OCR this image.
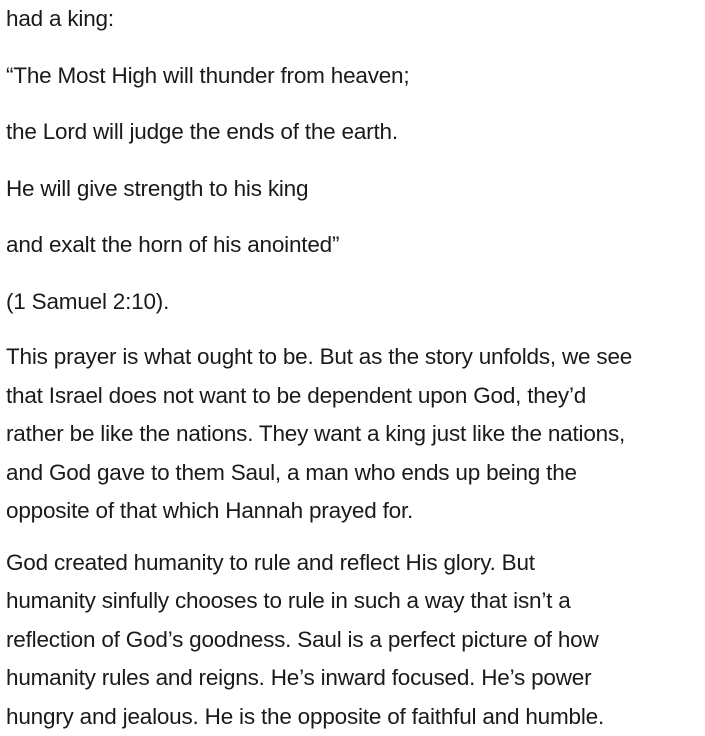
had a king:

“The Most High will thunder from heaven;

the Lord will judge the ends of the earth.

He will give strength to his king

and exalt the horn of his anointed”

(1 Samuel 2:10).

This prayer is what ought to be. But as the story unfolds, we see

that Israel does not want to be dependent upon God, they’d

rather be like the nations. They want a king just like the nations,

and God gave to them Saul, a man who ends up being the

opposite of that which Hannah prayed for.

God created humanity to rule and reflect His glory. But

humanity sinfully chooses to rule in such a way that isn’t a

reflection of God’s goodness. Saul is a perfect picture of how

humanity rules and reigns. He’s inward focused. He’s power

hungry and jealous. He is the opposite of faithful and humble.
